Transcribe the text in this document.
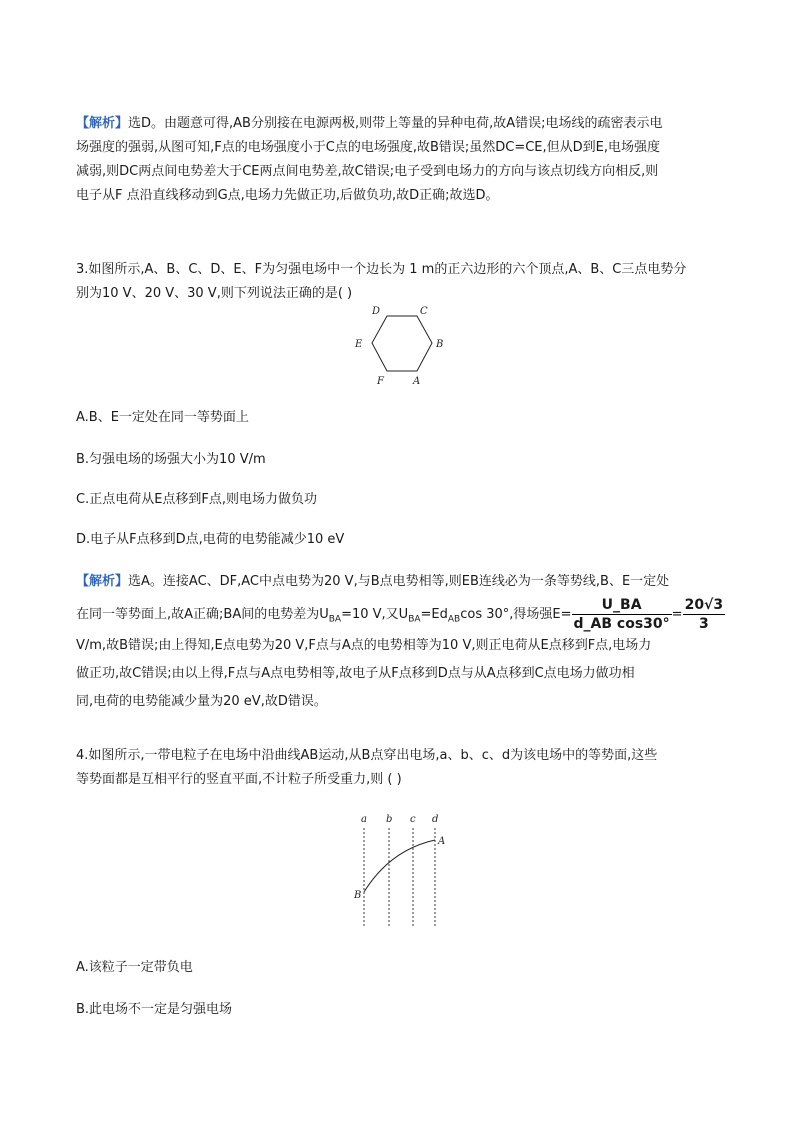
【解析】选D。由题意可得,AB分别接在电源两极,则带上等量的异种电荷,故A错误;电场线的疏密表示电
场强度的强弱,从图可知,F点的电场强度小于C点的电场强度,故B错误;虽然DC=CE,但从D到E,电场强度
减弱,则DC两点间电势差大于CE两点间电势差,故C错误;电子受到电场力的方向与该点切线方向相反,则
电子从F 点沿直线移动到G点,电场力先做正功,后做负功,故D正确;故选D。
3.如图所示,A、B、C、D、E、F为匀强电场中一个边长为 1 m的正六边形的六个顶点,A、B、C三点电势分
别为10 V、20 V、30 V,则下列说法正确的是( )
D	C
E	B
F	A
A.B、E一定处在同一等势面上
B.匀强电场的场强大小为10 V/m
C.正点电荷从E点移到F点,则电场力做负功
D.电子从F点移到D点,电荷的电势能减少10 eV
【解析】选A。连接AC、DF,AC中点电势为20 V,与B点电势相等,则EB连线必为一条等势线,B、E一定处
在同一等势面上,故A正确;BA间的电势差为$U_{BA}=10$ V,又$U_{BA}=Ed_{AB}\cos$ 30°,得场强$E= \frac{U\_BA}{\text{d\_AB cos30°}} = \frac{20√3}{3}$
V/m,故B错误;由上得知,E点电势为20 V,F点与A点的电势相等为10 V,则正电荷从E点移到F点,电场力
做正功,故C错误;由以上得,F点与A点电势相等,故电子从F点移到D点与从A点移到C点电场力做功相
同,电荷的电势能减少量为20 eV,故D错误。
4.如图所示,一带电粒子在电场中沿曲线AB运动,从B点穿出电场,a、b、c、d为该电场中的等势面,这些
等势面都是互相平行的竖直平面,不计粒子所受重力,则 ( )
a b c d
A
B
A.该粒子一定带负电
B.此电场不一定是匀强电场
